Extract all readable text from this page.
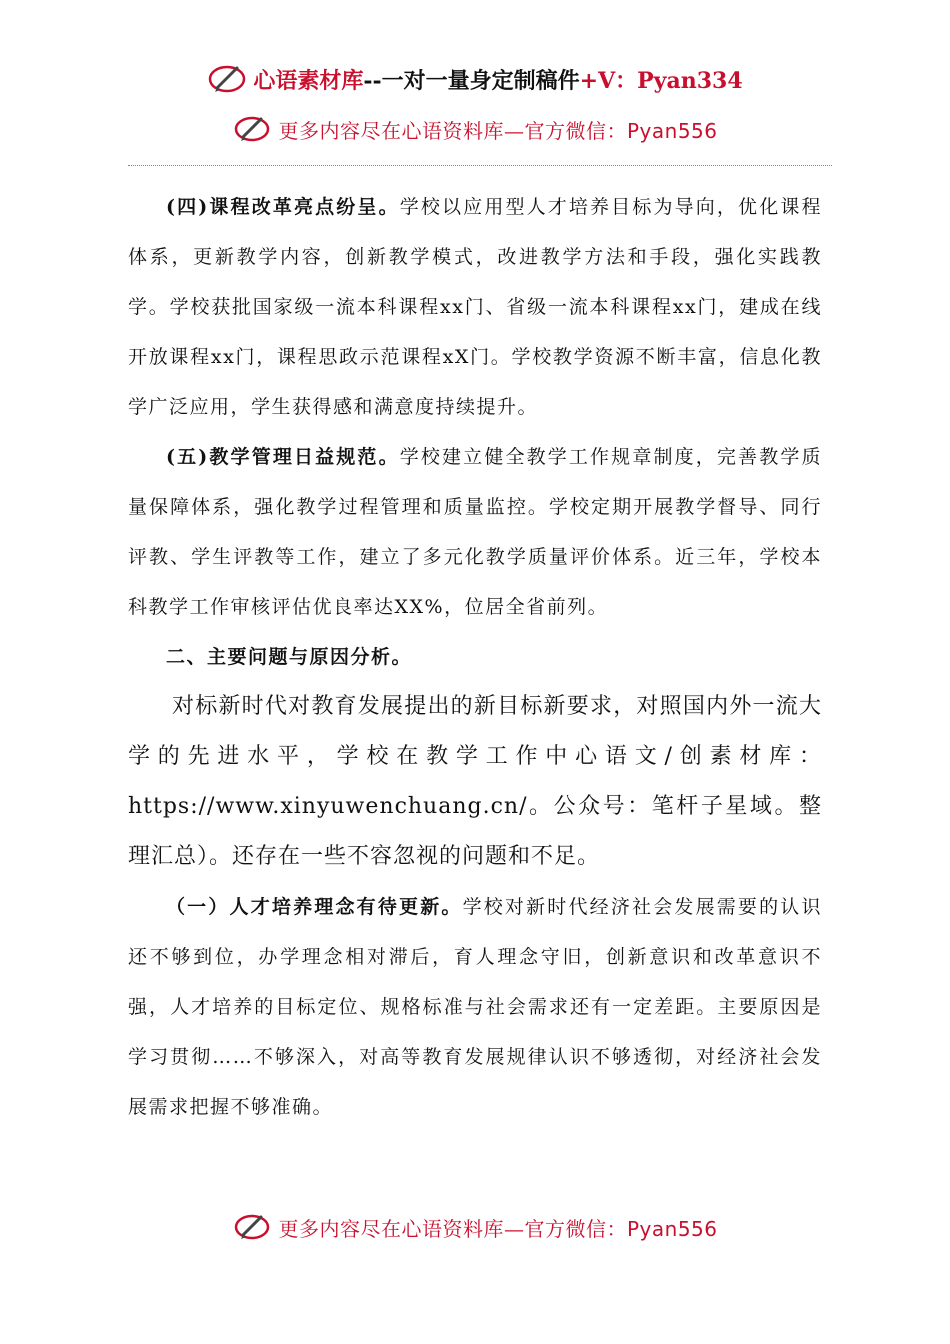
心语素材库--一对一量身定制稿件+V：Pyan334
更多内容尽在心语资料库—官方微信：Pyan556

(四)课程改革亮点纷呈。学校以应用型人才培养目标为导向，优化课程体系，更新教学内容，创新教学模式，改进教学方法和手段，强化实践教学。学校获批国家级一流本科课程xx门、省级一流本科课程xx门，建成在线开放课程xx门，课程思政示范课程xX门。学校教学资源不断丰富，信息化教学广泛应用，学生获得感和满意度持续提升。

(五)教学管理日益规范。学校建立健全教学工作规章制度，完善教学质量保障体系，强化教学过程管理和质量监控。学校定期开展教学督导、同行评教、学生评教等工作，建立了多元化教学质量评价体系。近三年，学校本科教学工作审核评估优良率达XX%，位居全省前列。

二、主要问题与原因分析。

对标新时代对教育发展提出的新目标新要求，对照国内外一流大学的先进水平，学校在教学工作中心语文/创素材库：https://www.xinyuwenchuang.cn/。公众号：笔杆子星域。整理汇总）。还存在一些不容忽视的问题和不足。

（一）人才培养理念有待更新。学校对新时代经济社会发展需要的认识还不够到位，办学理念相对滞后，育人理念守旧，创新意识和改革意识不强，人才培养的目标定位、规格标准与社会需求还有一定差距。主要原因是学习贯彻……不够深入，对高等教育发展规律认识不够透彻，对经济社会发展需求把握不够准确。

更多内容尽在心语资料库—官方微信：Pyan556
